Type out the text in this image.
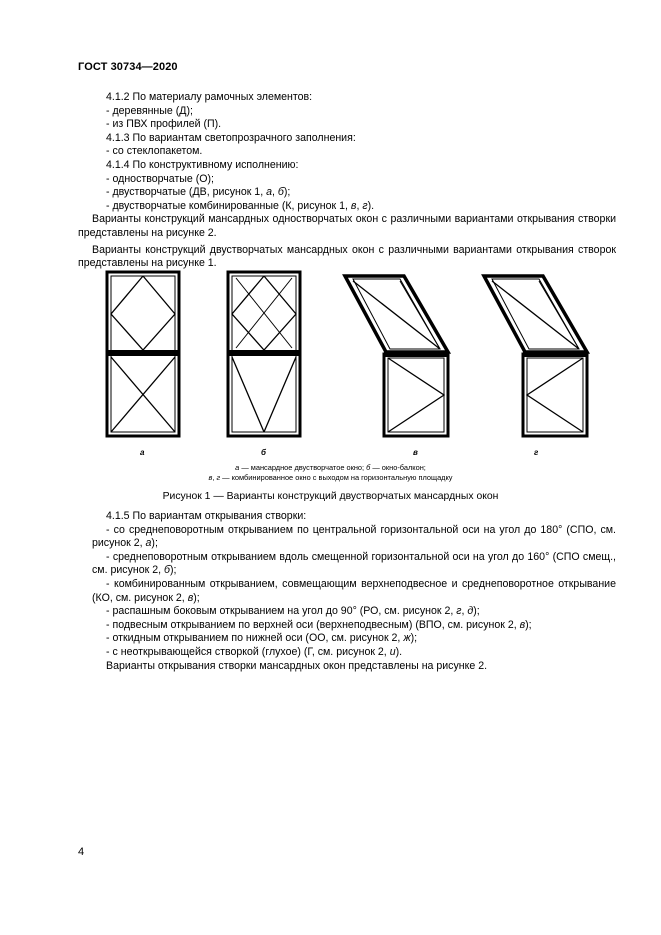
ГОСТ 30734—2020

4.1.2 По материалу рамочных элементов:

- деревянные (Д);

- из ПВХ профилей (П).

4.1.3 По вариантам светопрозрачного заполнения:

- со стеклопакетом.

4.1.4 По конструктивному исполнению:

- одностворчатые (О);

- двустворчатые (ДВ, рисунок 1, а, б);

- двустворчатые комбинированные (К, рисунок 1, в, г).

Варианты конструкций мансардных одностворчатых окон с различными вариантами открывания створки представлены на рисунке 2.

Варианты конструкций двустворчатых мансардных окон с различными вариантами открывания створок представлены на рисунке 1.

а	б	в	г
а — мансардное двустворчатое окно; б — окно-балкон;
в, г — комбинированное окно с выходом на горизонтальную площадку
Рисунок 1 — Варианты конструкций двустворчатых мансардных окон

4.1.5 По вариантам открывания створки:

- со среднеповоротным открыванием по центральной горизонтальной оси на угол до 180° (СПО, см. рисунок 2, а);

- среднеповоротным открыванием вдоль смещенной горизонтальной оси на угол до 160° (СПО смещ., см. рисунок 2, б);

- комбинированным открыванием, совмещающим верхнеподвесное и среднеповоротное открывание (КО, см. рисунок 2, в);

- распашным боковым открыванием на угол до 90° (РО, см. рисунок 2, г, д);

- подвесным открыванием по верхней оси (верхнеподвесным) (ВПО, см. рисунок 2, в);

- откидным открыванием по нижней оси (ОО, см. рисунок 2, ж);

- с неоткрывающейся створкой (глухое) (Г, см. рисунок 2, и).

Варианты открывания створки мансардных окон представлены на рисунке 2.

4
